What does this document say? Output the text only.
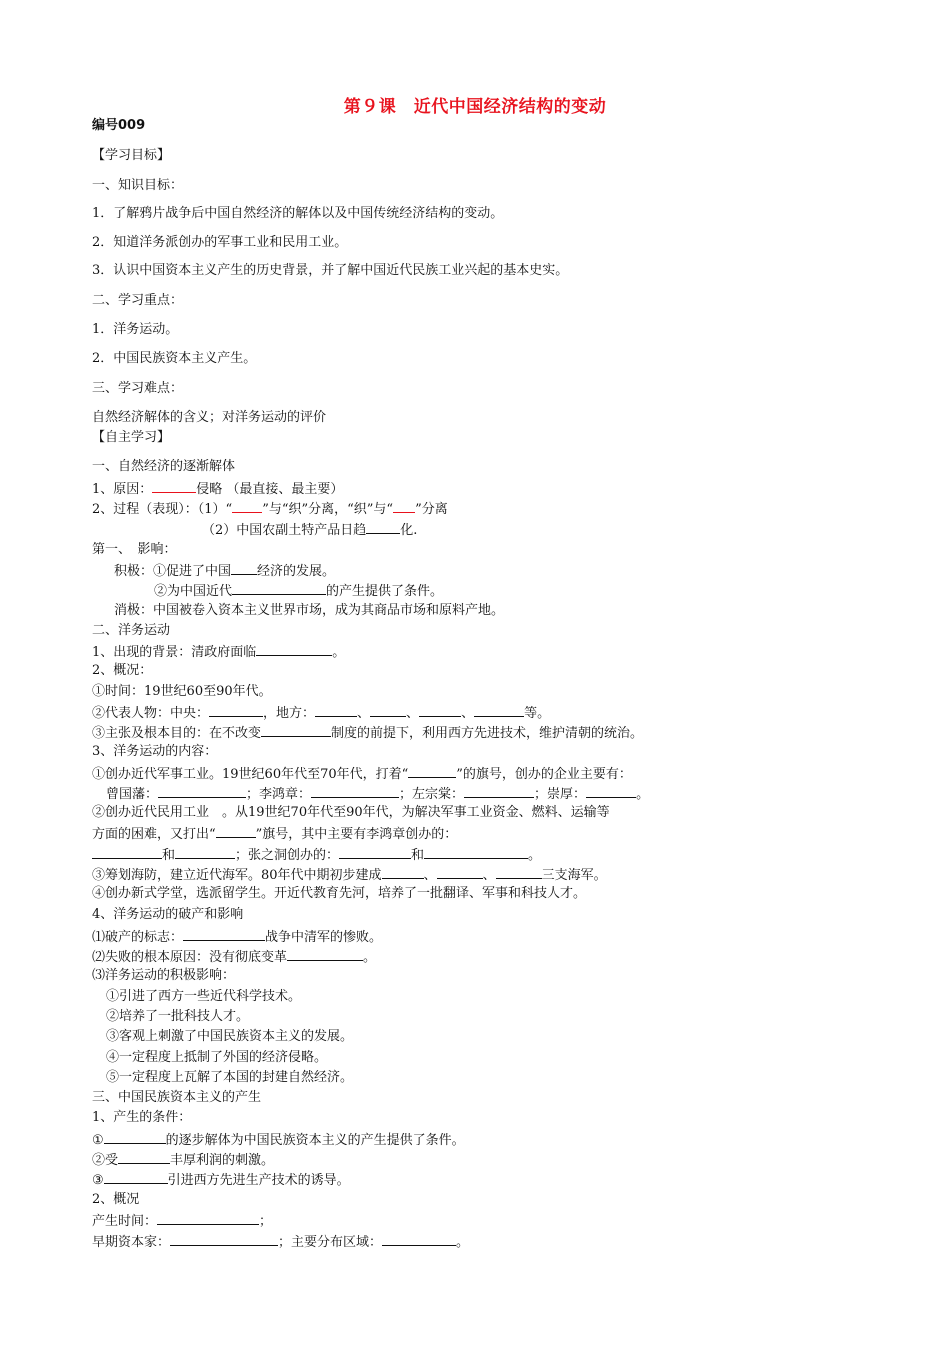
第９课　近代中国经济结构的变动
编号009
【学习目标】
一、知识目标：
1．了解鸦片战争后中国自然经济的解体以及中国传统经济结构的变动。
2．知道洋务派创办的军事工业和民用工业。
3．认识中国资本主义产生的历史背景，并了解中国近代民族工业兴起的基本史实。
二、学习重点：
1．洋务运动。
2．中国民族资本主义产生。
三、学习难点：
自然经济解体的含义；对洋务运动的评价
【自主学习】
一、自然经济的逐渐解体
1、原因：	侵略 （最直接、最主要）
2、过程（表现）：（1）“ ”与“织”分离，“织”与“ ”分离
（2）中国农副土特产品日趋	化.
第一、　影响：
积极：①促进了中国 经济的发展。
②为中国近代	的产生提供了条件。
消极：中国被卷入资本主义世界市场，成为其商品市场和原料产地。
二、洋务运动
1、出现的背景：清政府面临	。
2、概况：
①时间：19世纪60至90年代。
②代表人物：中央：	，地方：	、	、	、	等。
③主张及根本目的：在不改变	制度的前提下，利用西方先进技术，维护清朝的统治。
3、洋务运动的内容：
①创办近代军事工业。19世纪60年代至70年代，打着“	”的旗号，创办的企业主要有：
曾国藩：	；李鸿章：	；左宗棠：	；崇厚：	。
②创办近代民用工业　。从19世纪70年代至90年代，为解决军事工业资金、燃料、运输等
方面的困难，又打出“	”旗号，其中主要有李鸿章创办的：
和	；张之洞创办的：	和	。
③筹划海防，建立近代海军。80年代中期初步建成	、	、	三支海军。
④创办新式学堂，选派留学生。开近代教育先河，培养了一批翻译、军事和科技人才。
4、洋务运动的破产和影响
⑴破产的标志：	战争中清军的惨败。
⑵失败的根本原因：没有彻底变革	。
⑶洋务运动的积极影响：
①引进了西方一些近代科学技术。
②培养了一批科技人才。
③客观上刺激了中国民族资本主义的发展。
④一定程度上抵制了外国的经济侵略。
⑤一定程度上瓦解了本国的封建自然经济。
三、中国民族资本主义的产生
1、产生的条件：
①	的逐步解体为中国民族资本主义的产生提供了条件。
②受	丰厚利润的刺激。
③	引进西方先进生产技术的诱导。
2、概况
产生时间：	；
早期资本家：	；主要分布区域：	。
